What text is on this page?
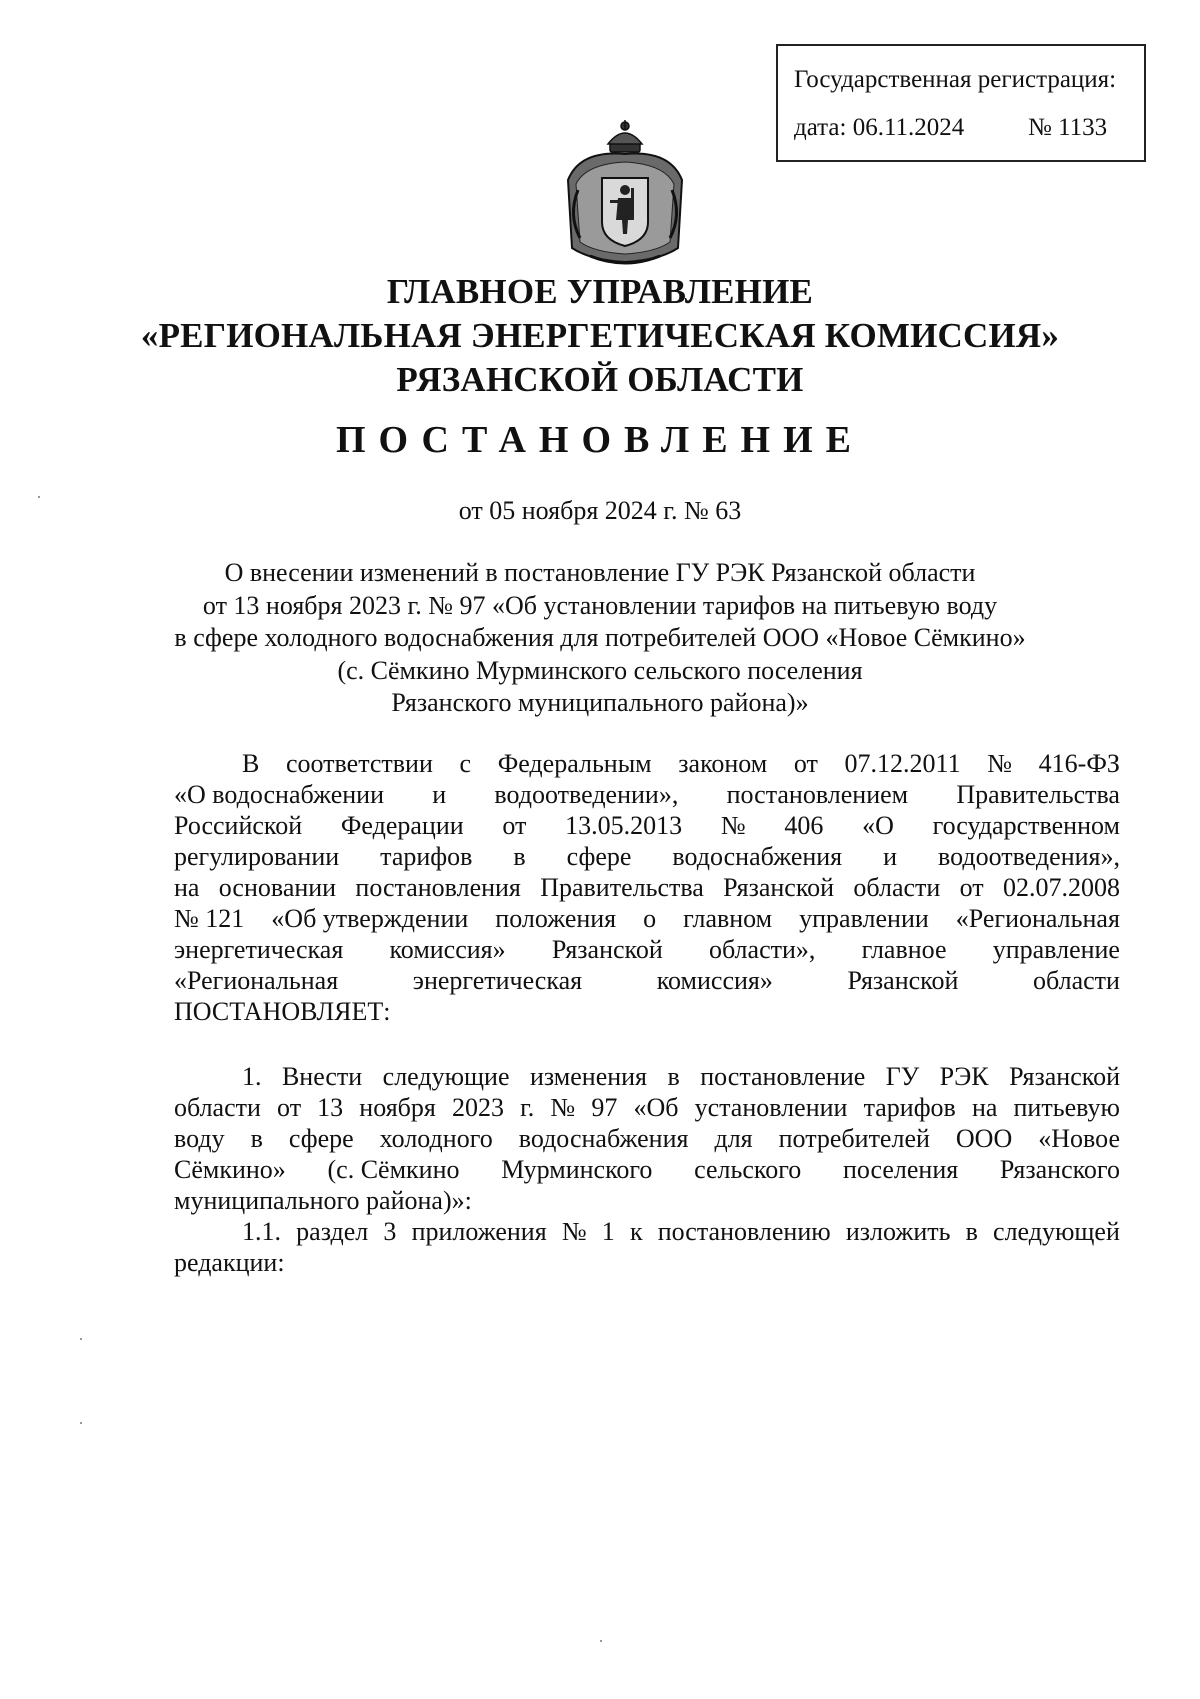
Государственная регистрация:
дата: 06.11.2024	№ 1133
ГЛАВНОЕ УПРАВЛЕНИЕ
«РЕГИОНАЛЬНАЯ ЭНЕРГЕТИЧЕСКАЯ КОМИССИЯ»
РЯЗАНСКОЙ ОБЛАСТИ
ПОСТАНОВЛЕНИЕ
от 05 ноября 2024 г. № 63
О внесении изменений в постановление ГУ РЭК Рязанской области
от 13 ноября 2023 г. № 97 «Об установлении тарифов на питьевую воду
в сфере холодного водоснабжения для потребителей ООО «Новое Сёмкино»
(с. Сёмкино Мурминского сельского поселения
Рязанского муниципального района)»
В соответствии с Федеральным законом от 07.12.2011 № 416-ФЗ
«О водоснабжении и водоотведении», постановлением Правительства
Российской Федерации от 13.05.2013 № 406 «О государственном
регулировании тарифов в сфере водоснабжения и водоотведения»,
на основании постановления Правительства Рязанской области от 02.07.2008
№ 121 «Об утверждении положения о главном управлении «Региональная
энергетическая комиссия» Рязанской области», главное управление
«Региональная	энергетическая	комиссия»	Рязанской	области
ПОСТАНОВЛЯЕТ:
1. Внести следующие изменения в постановление ГУ РЭК Рязанской
области от 13 ноября 2023 г. № 97 «Об установлении тарифов на питьевую
воду в сфере холодного водоснабжения для потребителей ООО «Новое
Сёмкино» (с. Сёмкино Мурминского сельского поселения Рязанского
муниципального района)»:
1.1. раздел 3 приложения № 1 к постановлению изложить в следующей
редакции:
